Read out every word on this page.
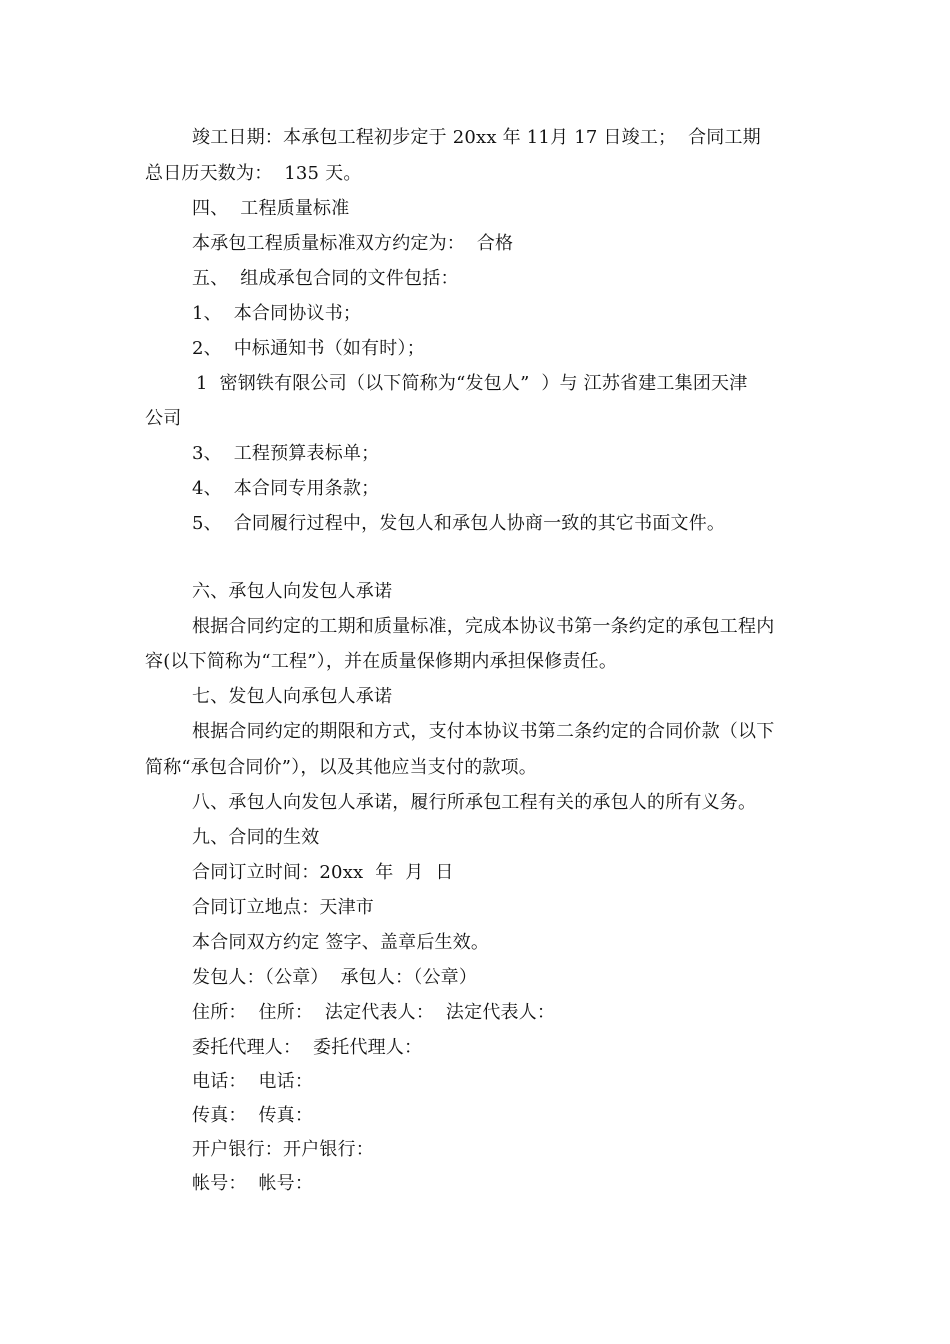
竣工日期：本承包工程初步定于 20xx 年 11月 17 日竣工；  合同工期
总日历天数为：  135 天。
四、  工程质量标准
本承包工程质量标准双方约定为：  合格
五、  组成承包合同的文件包括：
1、  本合同协议书；
2、  中标通知书（如有时）；
1  密钢铁有限公司（以下简称为“发包人”  ）与 江苏省建工集团天津
公司
3、  工程预算表标单；
4、  本合同专用条款；
5、  合同履行过程中，发包人和承包人协商一致的其它书面文件。
六、承包人向发包人承诺
根据合同约定的工期和质量标准，完成本协议书第一条约定的承包工程内
容(以下简称为“工程”），并在质量保修期内承担保修责任。
七、发包人向承包人承诺
根据合同约定的期限和方式，支付本协议书第二条约定的合同价款（以下
简称“承包合同价”），以及其他应当支付的款项。
八、承包人向发包人承诺，履行所承包工程有关的承包人的所有义务。
九、合同的生效
合同订立时间：20xx  年  月  日
合同订立地点：天津市
本合同双方约定 签字、盖章后生效。
发包人：（公章）  承包人：（公章）
住所：  住所：  法定代表人：  法定代表人：
委托代理人：  委托代理人：
电话：  电话：
传真：  传真：
开户银行：开户银行：
帐号：  帐号：
